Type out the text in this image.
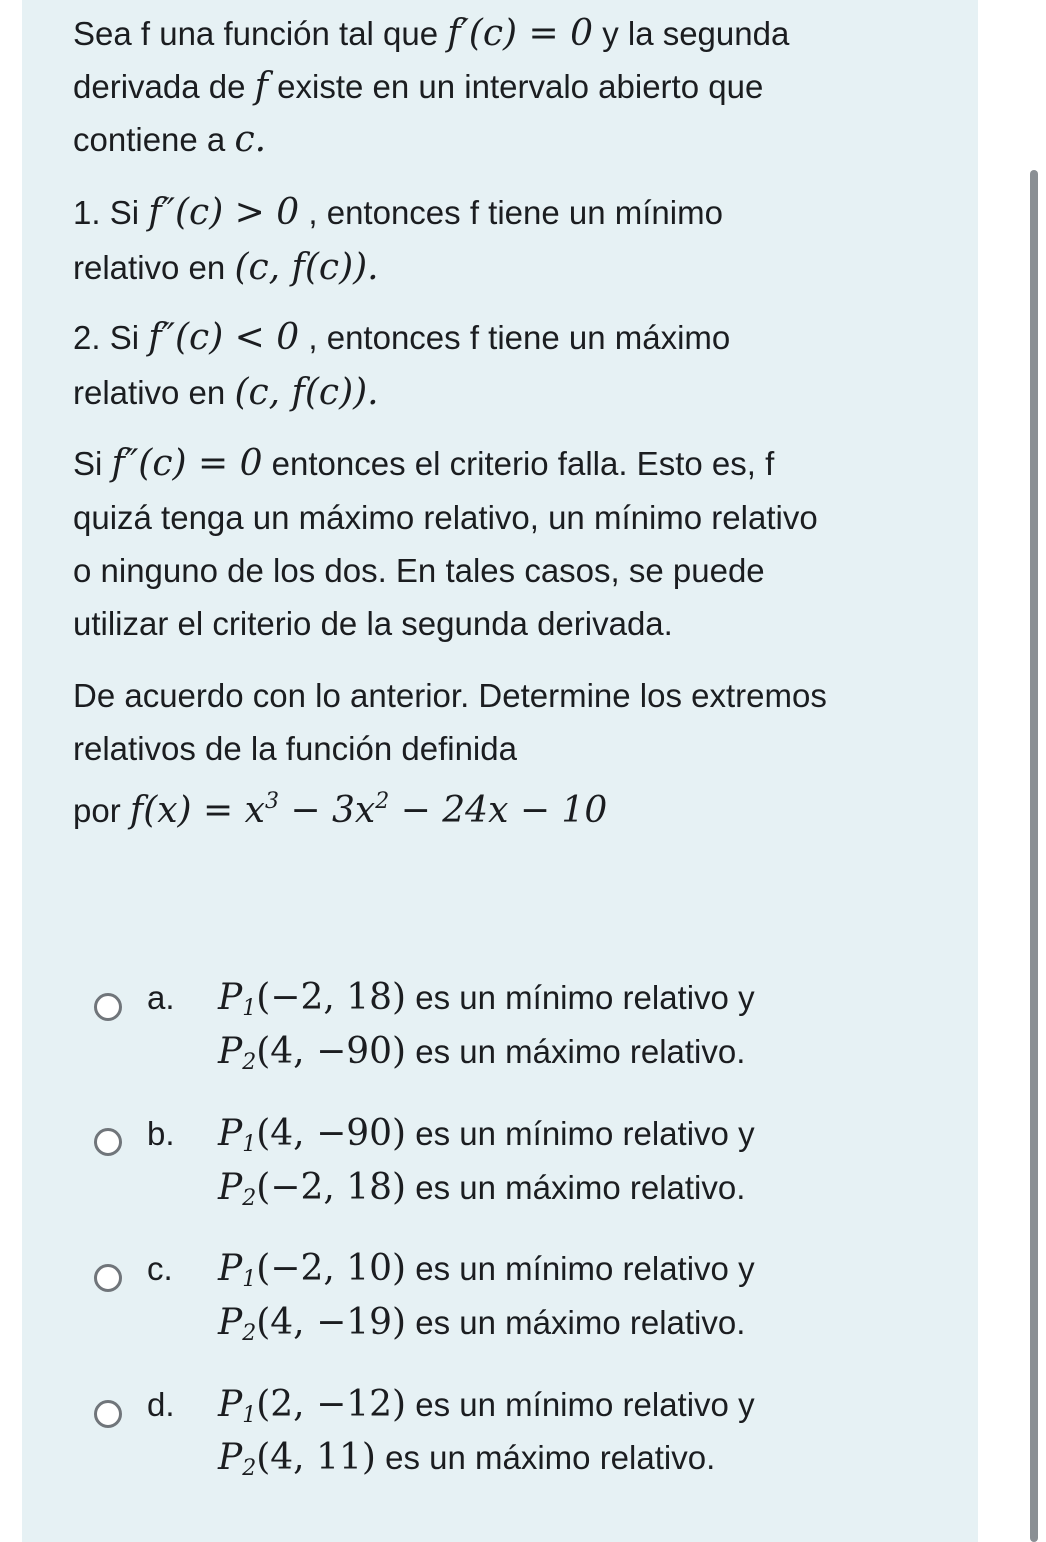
Sea f una función tal que f′(c) = 0 y la segunda
derivada de f existe en un intervalo abierto que
contiene a c.
1. Si f″(c) > 0 , entonces f tiene un mínimo
relativo en (c, f(c)).
2. Si f″(c) < 0 , entonces f tiene un máximo
relativo en (c, f(c)).
Si f″(c) = 0 entonces el criterio falla. Esto es, f
quizá tenga un máximo relativo, un mínimo relativo
o ninguno de los dos. En tales casos, se puede
utilizar el criterio de la segunda derivada.
De acuerdo con lo anterior. Determine los extremos
relativos de la función definida
por $f(x) = x^3 - 3x^2 - 24x - 10$
a. $P_1(-2$, 18) es un mínimo relativo y
$P_2(4$, −90) es un máximo relativo.
b. $P_1(4$, −90) es un mínimo relativo y
$P_2(-2$, 18) es un máximo relativo.
c. $P_1(-2$, 10) es un mínimo relativo y
$P_2(4$, −19) es un máximo relativo.
d. $P_1(2$, −12) es un mínimo relativo y
$P_2(4$, 11) es un máximo relativo.
